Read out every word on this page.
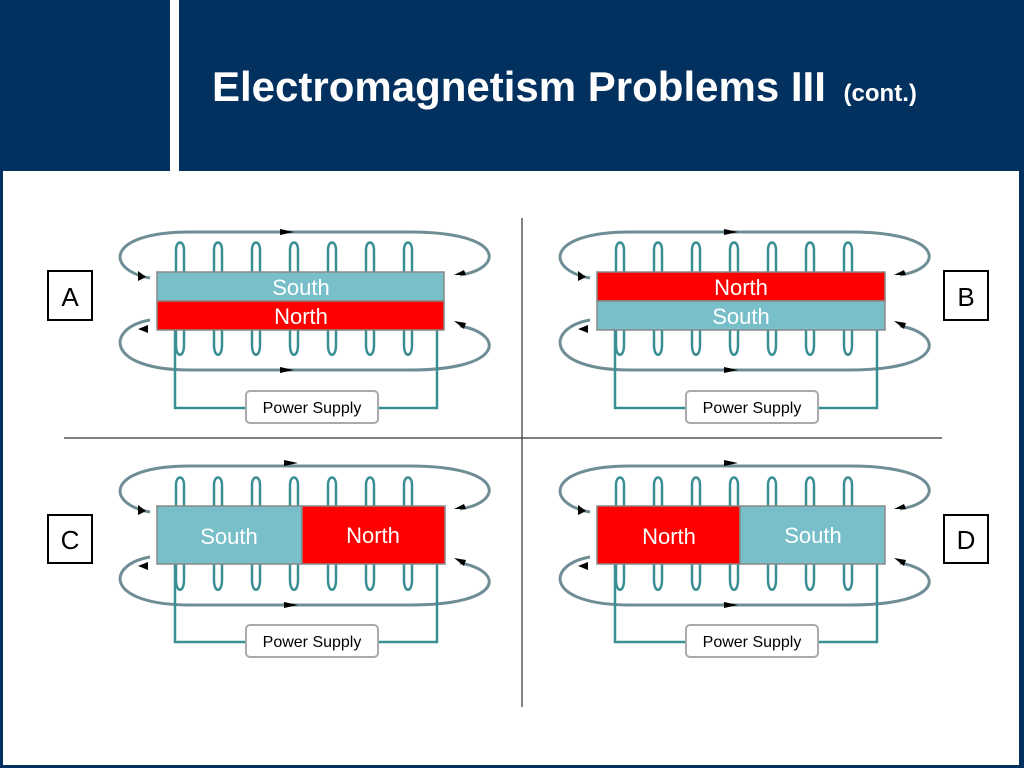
Electromagnetism Problems III (cont.)
South
North
Power Supply
A	North
South
Power Supply
B
South	North
Power Supply
C	North	South
Power Supply
D
